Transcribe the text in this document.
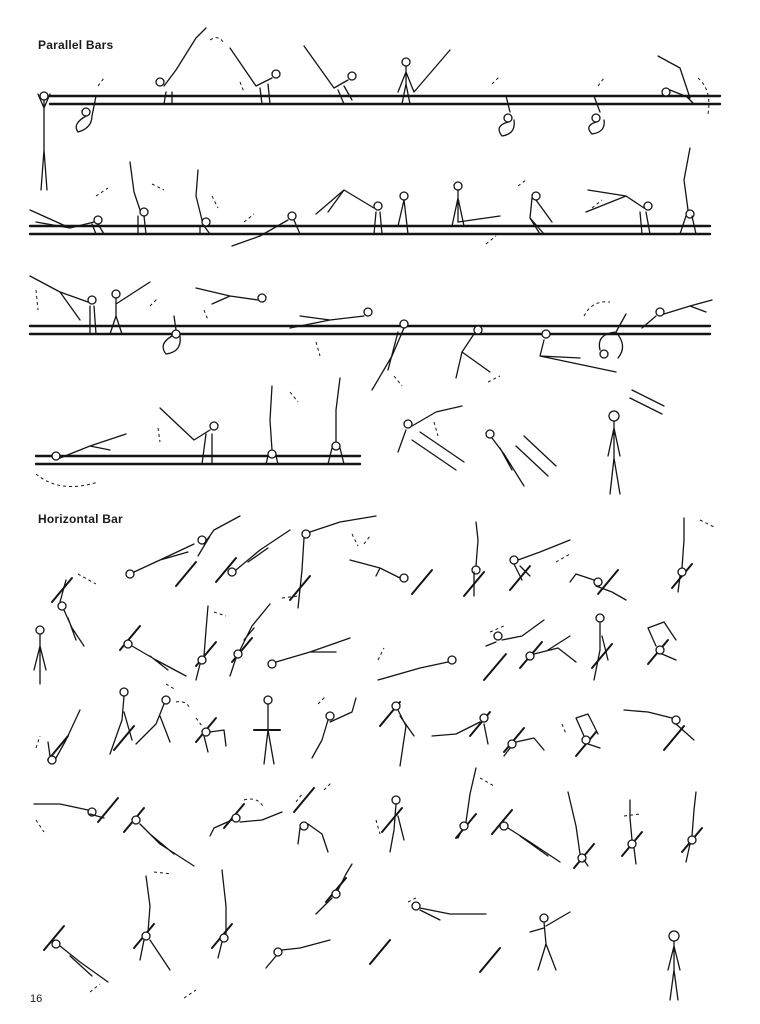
Parallel Bars
Horizontal Bar
16
